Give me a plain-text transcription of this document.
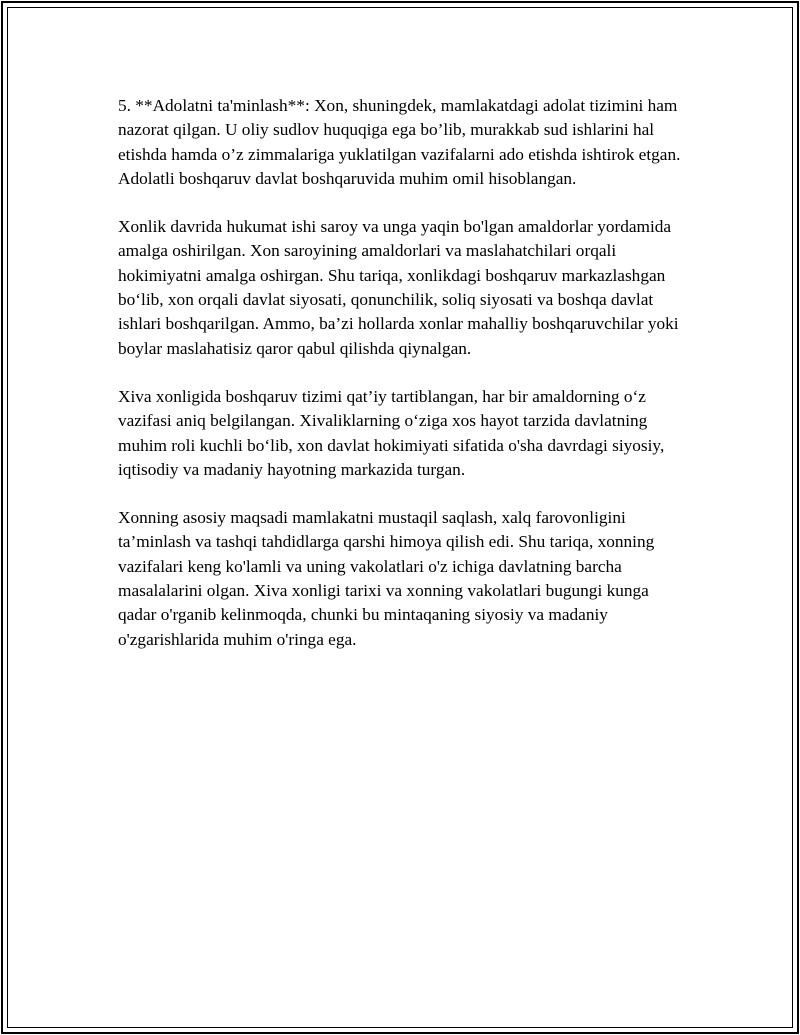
5. **Adolatni ta'minlash**: Xon, shuningdek, mamlakatdagi adolat tizimini ham nazorat qilgan. U oliy sudlov huquqiga ega bo’lib, murakkab sud ishlarini hal etishda hamda o’z zimmalariga yuklatilgan vazifalarni ado etishda ishtirok etgan. Adolatli boshqaruv davlat boshqaruvida muhim omil hisoblangan.

Xonlik davrida hukumat ishi saroy va unga yaqin bo'lgan amaldorlar yordamida amalga oshirilgan. Xon saroyining amaldorlari va maslahatchilari orqali hokimiyatni amalga oshirgan. Shu tariqa, xonlikdagi boshqaruv markazlashgan bo‘lib, xon orqali davlat siyosati, qonunchilik, soliq siyosati va boshqa davlat ishlari boshqarilgan. Ammo, ba’zi hollarda xonlar mahalliy boshqaruvchilar yoki boylar maslahatisiz qaror qabul qilishda qiynalgan.

Xiva xonligida boshqaruv tizimi qat’iy tartiblangan, har bir amaldorning o‘z vazifasi aniq belgilangan. Xivaliklarning o‘ziga xos hayot tarzida davlatning muhim roli kuchli bo‘lib, xon davlat hokimiyati sifatida o'sha davrdagi siyosiy, iqtisodiy va madaniy hayotning markazida turgan.

Xonning asosiy maqsadi mamlakatni mustaqil saqlash, xalq farovonligini ta’minlash va tashqi tahdidlarga qarshi himoya qilish edi. Shu tariqa, xonning vazifalari keng ko'lamli va uning vakolatlari o'z ichiga davlatning barcha masalalarini olgan. Xiva xonligi tarixi va xonning vakolatlari bugungi kunga qadar o'rganib kelinmoqda, chunki bu mintaqaning siyosiy va madaniy o'zgarishlarida muhim o'ringa ega.
